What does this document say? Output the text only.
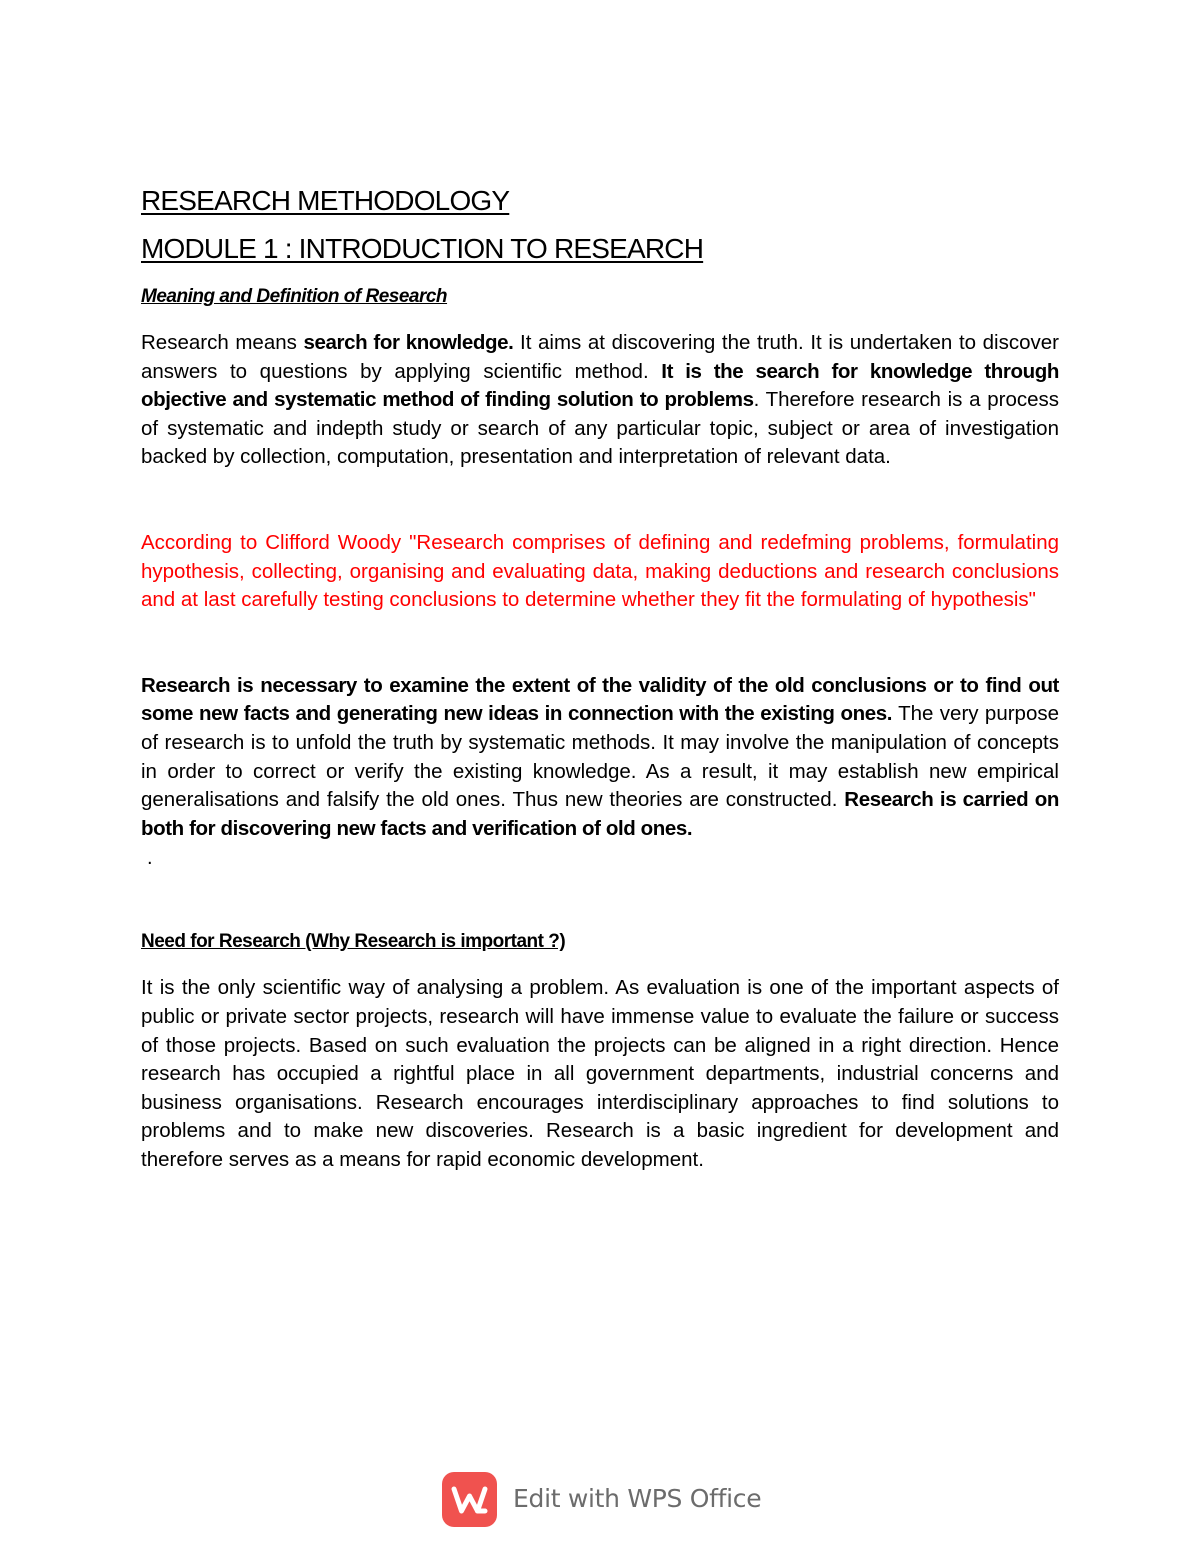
RESEARCH METHODOLOGY
MODULE 1 : INTRODUCTION TO RESEARCH
Meaning and Definition of Research

Research means search for knowledge. It aims at discovering the truth. It is undertaken to discover answers to questions by applying scientific method. It is the search for knowledge through objective and systematic method of finding solution to problems. Therefore research is a process of systematic and indepth study or search of any particular topic, subject or area of investigation backed by collection, computation, presentation and interpretation of relevant data.

According to Clifford Woody "Research comprises of defining and redefming problems, formulating hypothesis, collecting, organising and evaluating data, making deductions and research conclusions and at last carefully testing conclusions to determine whether they fit the formulating of hypothesis"

Research is necessary to examine the extent of the validity of the old conclusions or to find out some new facts and generating new ideas in connection with the existing ones. The very purpose of research is to unfold the truth by systematic methods. It may involve the manipulation of concepts in order to correct or verify the existing knowledge. As a result, it may establish new empirical generalisations and falsify the old ones. Thus new theories are constructed. Research is carried on both for discovering new facts and verification of old ones.

.

Need for Research (Why Research is important ?)

It is the only scientific way of analysing a problem. As evaluation is one of the important aspects of public or private sector projects, research will have immense value to evaluate the failure or success of those projects. Based on such evaluation the projects can be aligned in a right direction. Hence research has occupied a rightful place in all government departments, industrial concerns and business organisations. Research encourages interdisciplinary approaches to find solutions to problems and to make new discoveries. Research is a basic ingredient for development and therefore serves as a means for rapid economic development.

Edit with WPS Office
